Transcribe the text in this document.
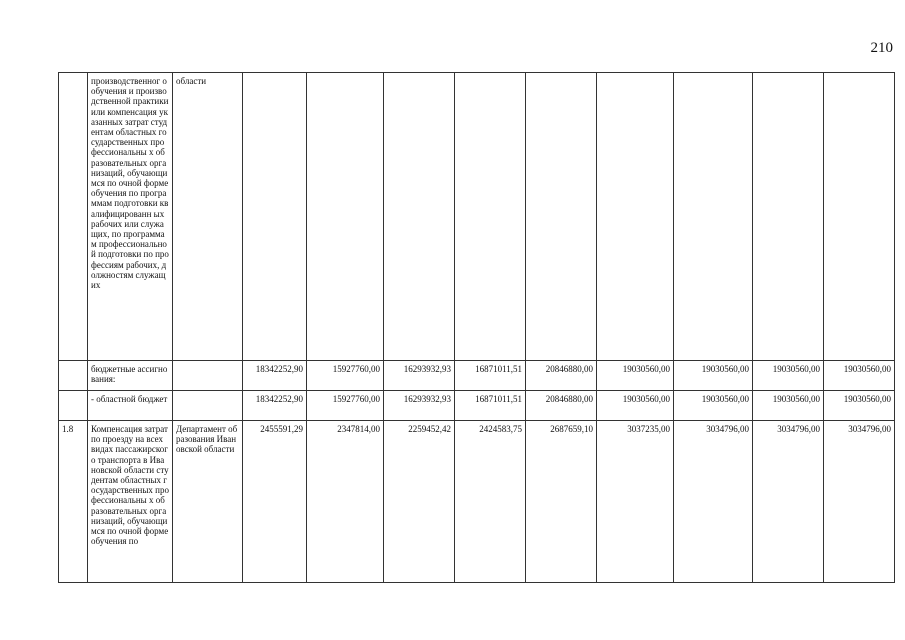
210
	производственног о обучения и производственной практики или компенсация указанных затрат студентам областных государственных профессиональны х образовательных организаций, обучающимся по очной форме обучения по программам подготовки квалифицированн ых рабочих или служащих, по программам профессиональной подготовки по профессиям рабочих, должностям служащих	области									
	бюджетные ассигнования:		18342252,90	15927760,00	16293932,93	16871011,51	20846880,00	19030560,00	19030560,00	19030560,00	19030560,00
	- областной бюджет		18342252,90	15927760,00	16293932,93	16871011,51	20846880,00	19030560,00	19030560,00	19030560,00	19030560,00
1.8	Компенсация затрат по проезду на всех видах пассажирского транспорта в Ивановской области студентам областных государственных профессиональны х образовательных организаций, обучающимся по очной форме обучения по	Департамент образования Ивановской области	2455591,29	2347814,00	2259452,42	2424583,75	2687659,10	3037235,00	3034796,00	3034796,00	3034796,00
